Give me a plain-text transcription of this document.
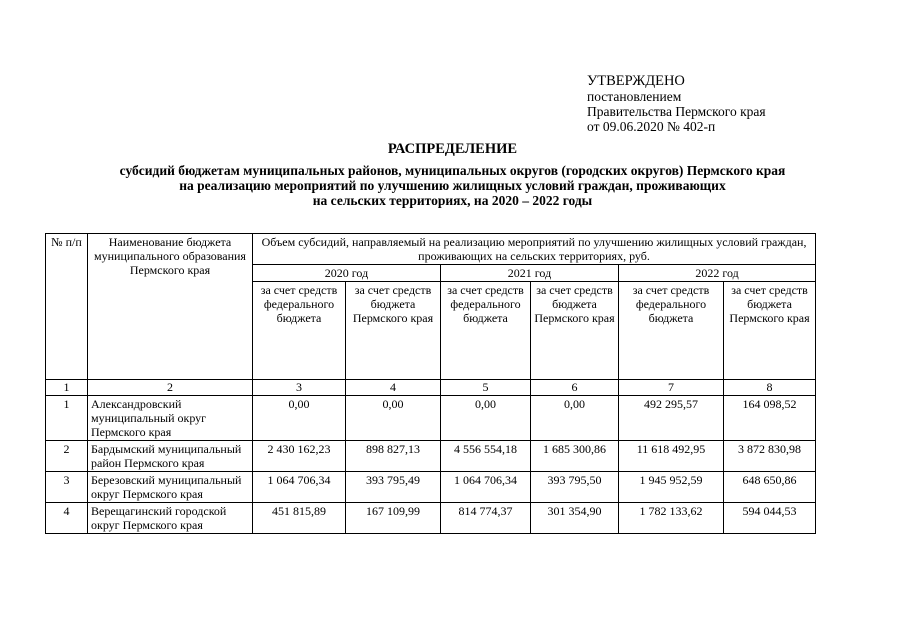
УТВЕРЖДЕНО
постановлением
Правительства Пермского края
от 09.06.2020 № 402-п
РАСПРЕДЕЛЕНИЕ
субсидий бюджетам муниципальных районов, муниципальных округов (городских округов) Пермского края
на реализацию мероприятий по улучшению жилищных условий граждан, проживающих
на сельских территориях, на 2020 – 2022 годы
№ п/п	Наименование бюджета муниципального образования Пермского края	Объем субсидий, направляемый на реализацию мероприятий по улучшению жилищных условий граждан, проживающих на сельских территориях, руб.					
		2020 год		2021 год		2022 год	
		за счет средств федерального бюджета	за счет средств бюджета Пермского края	за счет средств федерального бюджета	за счет средств бюджета Пермского края	за счет средств федерального бюджета	за счет средств бюджета Пермского края
1	2	3	4	5	6	7	8
1	Александровский муниципальный округ Пермского края	0,00	0,00	0,00	0,00	492 295,57	164 098,52
2	Бардымский муниципальный район Пермского края	2 430 162,23	898 827,13	4 556 554,18	1 685 300,86	11 618 492,95	3 872 830,98
3	Березовский муниципальный округ Пермского края	1 064 706,34	393 795,49	1 064 706,34	393 795,50	1 945 952,59	648 650,86
4	Верещагинский городской округ Пермского края	451 815,89	167 109,99	814 774,37	301 354,90	1 782 133,62	594 044,53
